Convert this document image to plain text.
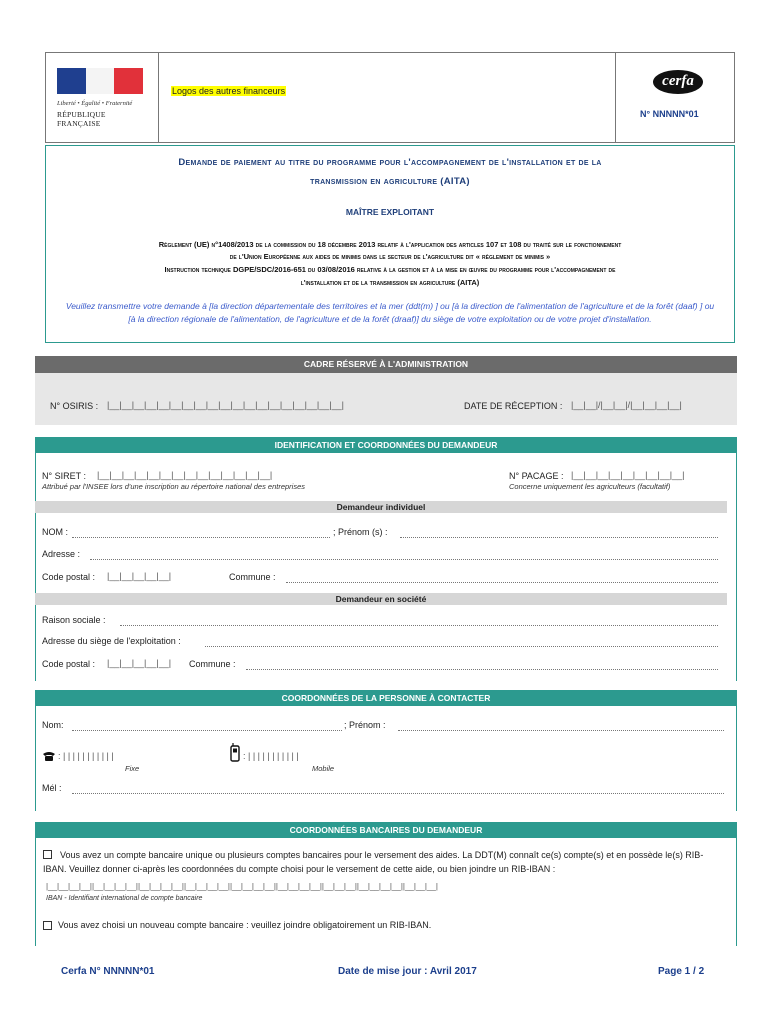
Liberté • Égalité • Fraternité
RÉPUBLIQUE FRANÇAISE
Logos des autres financeurs
cerfa
N° NNNNN*01
Demande de paiement au titre du programme pour l'accompagnement de l'installation et de la
transmission en agriculture (AITA)
MAÎTRE EXPLOITANT
Règlement (UE) n°1408/2013 de la commission du 18 décembre 2013 relatif à l'application des articles 107 et 108 du traité sur le fonctionnement
de l'Union Européenne aux aides de minimis dans le secteur de l'agriculture dit « règlement de minimis »
Instruction technique DGPE/SDC/2016-651 du 03/08/2016 relative à la gestion et à la mise en œuvre du programme pour l'accompagnement de
l'installation et de la transmission en agriculture (AITA)
Veuillez transmettre votre demande à [la direction départementale des territoires et la mer (ddt(m) ] ou [à la direction de l'alimentation de l'agriculture et de la forêt (daaf) ] ou [à la direction régionale de l'alimentation, de l'agriculture et de la forêt (draaf)] du siège de votre exploitation ou de votre projet d'installation.
CADRE RÉSERVÉ À L'ADMINISTRATION
N° OSIRIS : |__|__|__|__|__|__|__|__|__|__|__|__|__|__|__|__|__|__|__|	DATE DE RÉCEPTION : |__|__|/|__|__|/|__|__|__|__|
IDENTIFICATION ET COORDONNÉES DU DEMANDEUR
N° SIRET : |__|__|__|__|__|__|__|__|__|__|__|__|__|__|
Attribué par l'INSEE lors d'une inscription au répertoire national des entreprises
N° PACAGE : |__|__|__|__|__|__|__|__|__|
Concerne uniquement les agriculteurs (facultatif)
Demandeur individuel
NOM :	; Prénom (s) :
Adresse :
Code postal : |__|__|__|__|__|	Commune :
Demandeur en société
Raison sociale :
Adresse du siège de l'exploitation :
Code postal : |__|__|__|__|__| Commune :
COORDONNÉES DE LA PERSONNE À CONTACTER
Nom:	; Prénom :
: | | | | | | | | | | |
Fixe
: | | | | | | | | | | |
Mobile
Mél :
COORDONNÉES BANCAIRES DU DEMANDEUR
Vous avez un compte bancaire unique ou plusieurs comptes bancaires pour le versement des aides. La DDT(M) connaît ce(s) compte(s) et en possède le(s) RIB-IBAN. Veuillez donner ci-après les coordonnées du compte choisi pour le versement de cette aide, ou bien joindre un RIB-IBAN :
|__|__|__|__||__|__|__|__||__|__|__|__||__|__|__|__||__|__|__|__||__|__|__|__||__|__|__||__|__|__|__||__|__|__|
IBAN - Identifiant international de compte bancaire
Vous avez choisi un nouveau compte bancaire : veuillez joindre obligatoirement un RIB-IBAN.
Cerfa N° NNNNN*01	Date de mise jour : Avril 2017	Page 1 / 2
